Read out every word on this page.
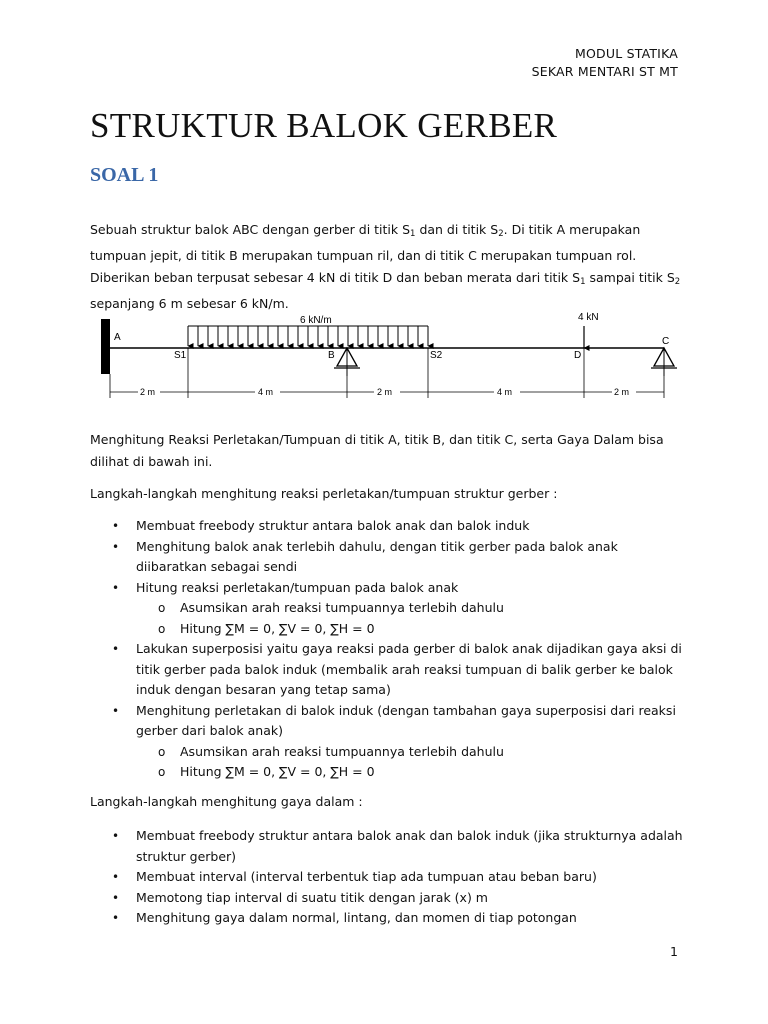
MODUL STATIKA
SEKAR MENTARI ST MT
STRUKTUR BALOK GERBER
SOAL 1

Sebuah struktur balok ABC dengan gerber di titik $S_1$ dan di titik $S_2$. Di titik A merupakan tumpuan jepit, di titik B merupakan tumpuan ril, dan di titik C merupakan tumpuan rol. Diberikan beban terpusat sebesar 4 kN di titik D dan beban merata dari titik $S_1$ sampai titik $S_2$ sepanjang 6 m sebesar 6 kN/m.

A
6 kN/m
S1	B	S2	D
C
4 kN
2 m	4 m	2 m	4 m	2 m

Menghitung Reaksi Perletakan/Tumpuan di titik A, titik B, dan titik C, serta Gaya Dalam bisa dilihat di bawah ini.

Langkah-langkah menghitung reaksi perletakan/tumpuan struktur gerber :

• Membuat freebody struktur antara balok anak dan balok induk
• Menghitung balok anak terlebih dahulu, dengan titik gerber pada balok anak diibaratkan sebagai sendi
• Hitung reaksi perletakan/tumpuan pada balok anak
o Asumsikan arah reaksi tumpuannya terlebih dahulu
o Hitung ∑M = 0, ∑V = 0, ∑H = 0
• Lakukan superposisi yaitu gaya reaksi pada gerber di balok anak dijadikan gaya aksi di titik gerber pada balok induk (membalik arah reaksi tumpuan di balik gerber ke balok induk dengan besaran yang tetap sama)
• Menghitung perletakan di balok induk (dengan tambahan gaya superposisi dari reaksi gerber dari balok anak)
o Asumsikan arah reaksi tumpuannya terlebih dahulu
o Hitung ∑M = 0, ∑V = 0, ∑H = 0

Langkah-langkah menghitung gaya dalam :

• Membuat freebody struktur antara balok anak dan balok induk (jika strukturnya adalah struktur gerber)
• Membuat interval (interval terbentuk tiap ada tumpuan atau beban baru)
• Memotong tiap interval di suatu titik dengan jarak (x) m
• Menghitung gaya dalam normal, lintang, dan momen di tiap potongan
1
